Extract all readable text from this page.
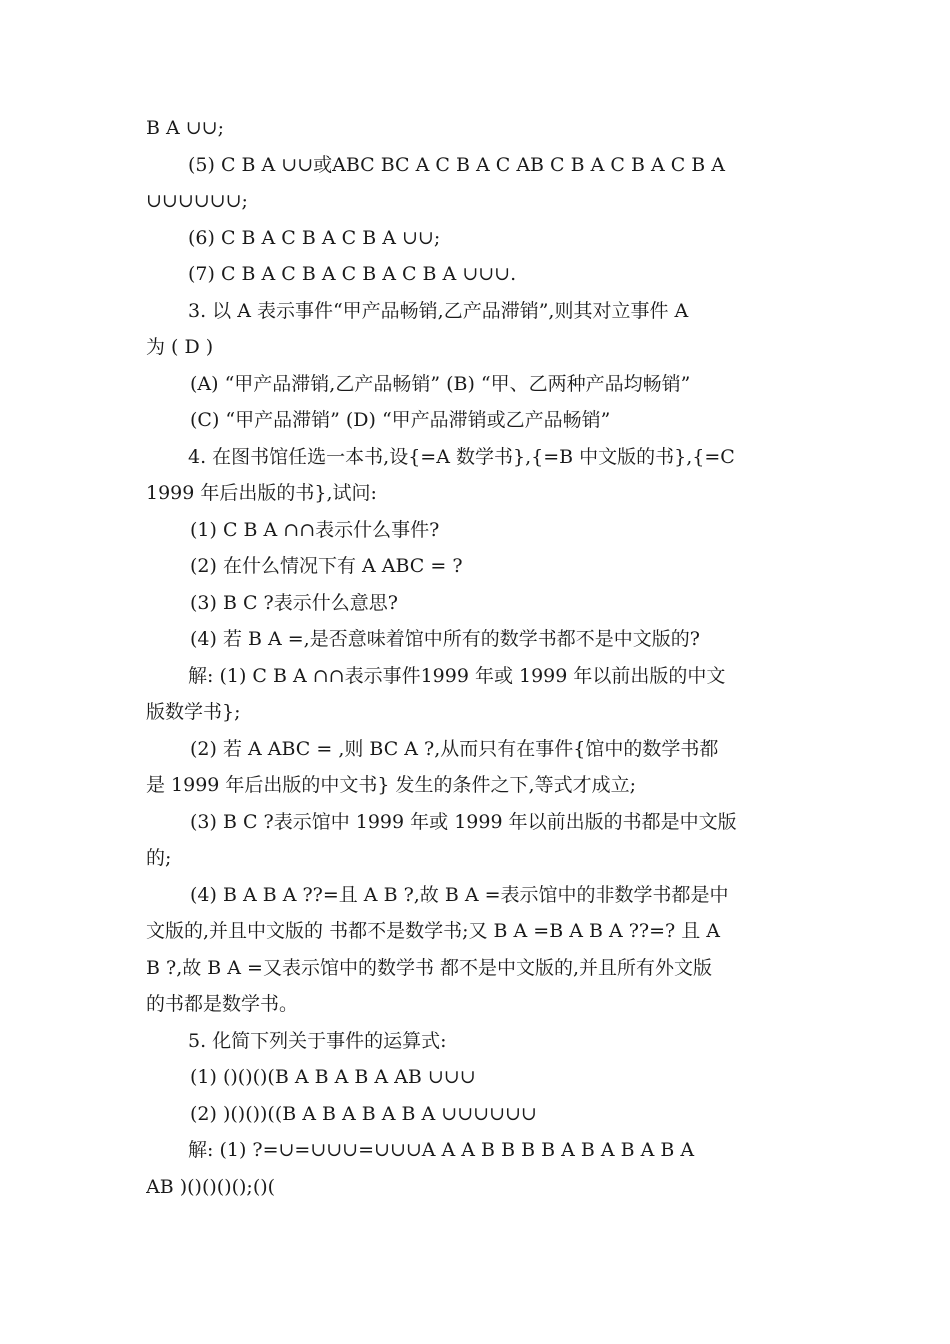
B A ∪∪;
(5) C B A ∪∪或ABC BC A C B A C AB C B A C B A C B A
∪∪∪∪∪∪;
(6) C B A C B A C B A ∪∪;
(7) C B A C B A C B A C B A ∪∪∪.
3. 以 A 表示事件“甲产品畅销,乙产品滞销”,则其对立事件 A
为 ( D )
(A) “甲产品滞销,乙产品畅销” (B) “甲、乙两种产品均畅销”
(C) “甲产品滞销” (D) “甲产品滞销或乙产品畅销”
4. 在图书馆任选一本书,设{=A 数学书},{=B 中文版的书},{=C
1999 年后出版的书},试问:
(1) C B A ∩∩表示什么事件?
(2) 在什么情况下有 A ABC = ?
(3) B C ?表示什么意思?
(4) 若 B A =,是否意味着馆中所有的数学书都不是中文版的?
解: (1) C B A ∩∩表示事件1999 年或 1999 年以前出版的中文
版数学书};
(2) 若 A ABC = ,则 BC A ?,从而只有在事件{馆中的数学书都
是 1999 年后出版的中文书} 发生的条件之下,等式才成立;
(3) B C ?表示馆中 1999 年或 1999 年以前出版的书都是中文版
的;
(4) B A B A ??=且 A B ?,故 B A =表示馆中的非数学书都是中
文版的,并且中文版的 书都不是数学书;又 B A =B A B A ??=? 且 A
B ?,故 B A =又表示馆中的数学书 都不是中文版的,并且所有外文版
的书都是数学书。
5. 化简下列关于事件的运算式:
(1) ()()()(B A B A B A AB ∪∪∪
(2) )()())((B A B A B A B A ∪∪∪∪∪∪
解: (1) ?=∪=∪∪∪=∪∪∪A A A B B B B A B A B A B A
AB )()()()();()(
